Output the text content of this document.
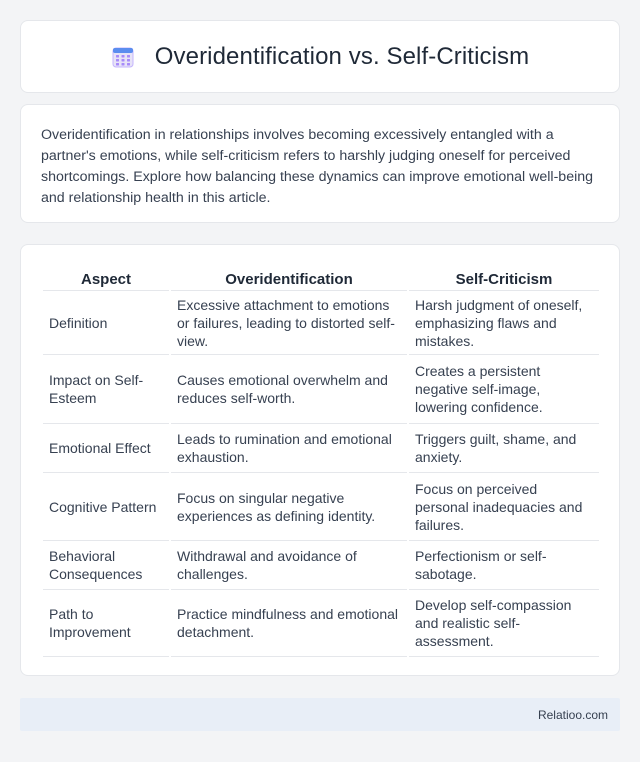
Overidentification vs. Self-Criticism

Overidentification in relationships involves becoming excessively entangled with a partner's emotions, while self-criticism refers to harshly judging oneself for perceived shortcomings. Explore how balancing these dynamics can improve emotional well-being and relationship health in this article.

Aspect	Overidentification	Self-Criticism
Definition	Excessive attachment to emotions or failures, leading to distorted self-view.	Harsh judgment of oneself, emphasizing flaws and mistakes.
Impact on Self-Esteem	Causes emotional overwhelm and reduces self-worth.	Creates a persistent negative self-image, lowering confidence.
Emotional Effect	Leads to rumination and emotional exhaustion.	Triggers guilt, shame, and anxiety.
Cognitive Pattern	Focus on singular negative experiences as defining identity.	Focus on perceived personal inadequacies and failures.
Behavioral Consequences	Withdrawal and avoidance of challenges.	Perfectionism or self-sabotage.
Path to Improvement	Practice mindfulness and emotional detachment.	Develop self-compassion and realistic self-assessment.
Relatioo.com
